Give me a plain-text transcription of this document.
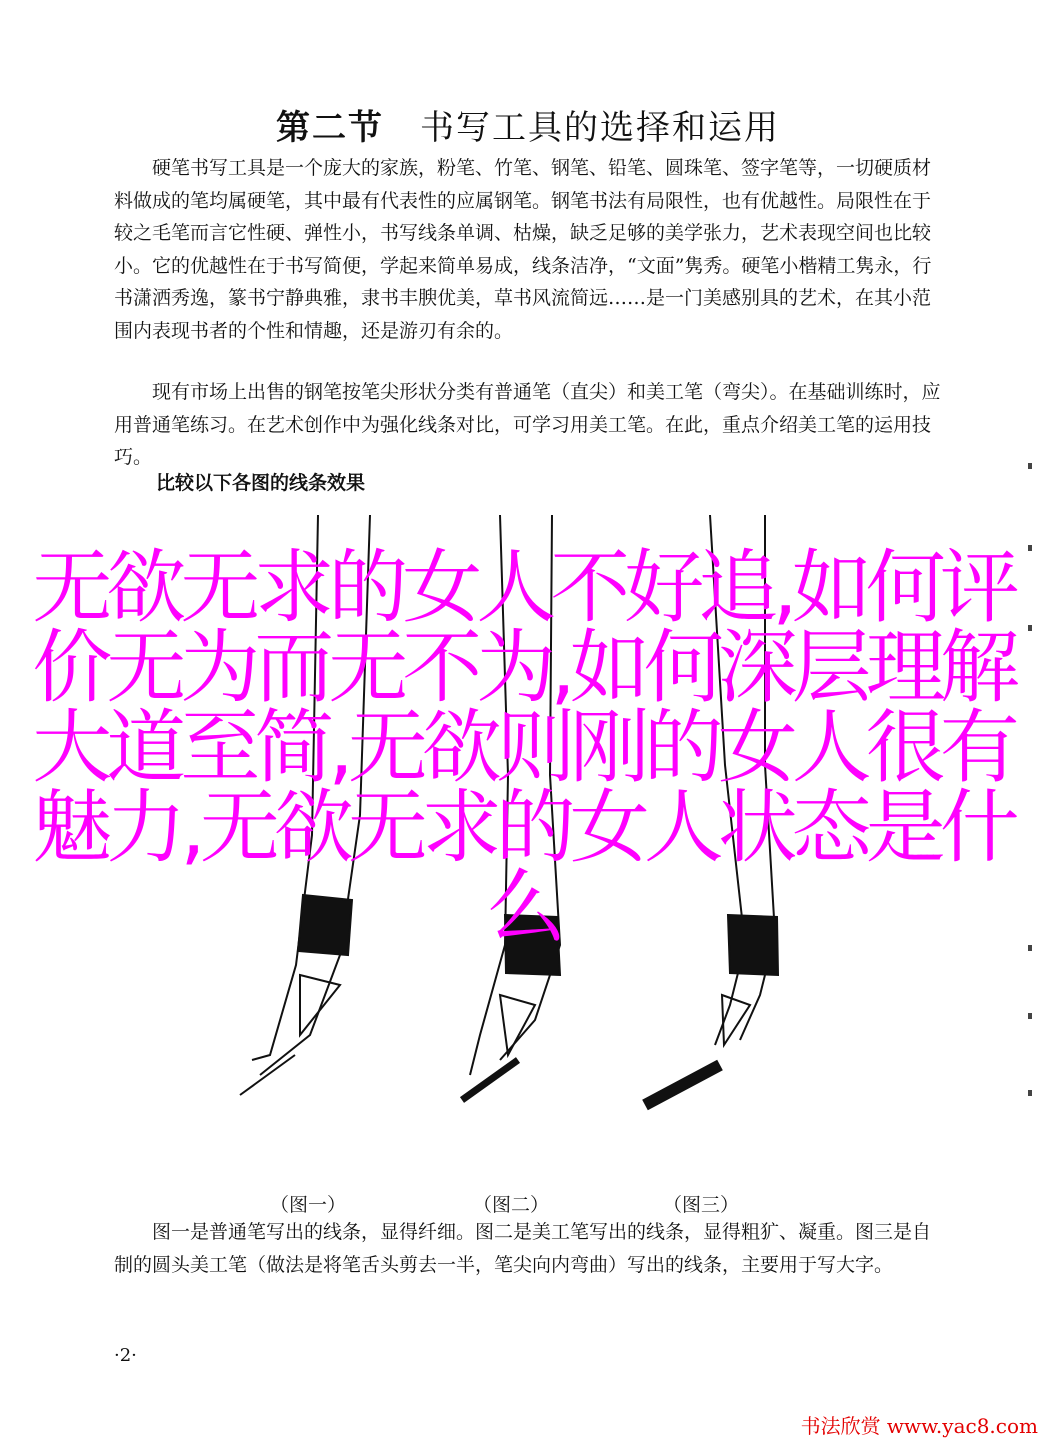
第二节 书写工具的选择和运用

硬笔书写工具是一个庞大的家族，粉笔、竹笔、钢笔、铅笔、圆珠笔、签字笔等，一切硬质材料做成的笔均属硬笔，其中最有代表性的应属钢笔。钢笔书法有局限性，也有优越性。局限性在于较之毛笔而言它性硬、弹性小，书写线条单调、枯燥，缺乏足够的美学张力，艺术表现空间也比较小。它的优越性在于书写简便，学起来简单易成，线条洁净，“文面”隽秀。硬笔小楷精工隽永，行书潇洒秀逸，篆书宁静典雅，隶书丰腴优美，草书风流简远……是一门美感别具的艺术，在其小范围内表现书者的个性和情趣，还是游刃有余的。

现有市场上出售的钢笔按笔尖形状分类有普通笔（直尖）和美工笔（弯尖）。在基础训练时，应用普通笔练习。在艺术创作中为强化线条对比，可学习用美工笔。在此，重点介绍美工笔的运用技巧。

比较以下各图的线条效果
（图一）	（图二）	（图三）

图一是普通笔写出的线条，显得纤细。图二是美工笔写出的线条，显得粗犷、凝重。图三是自制的圆头美工笔（做法是将笔舌头剪去一半，笔尖向内弯曲）写出的线条，主要用于写大字。

·2·

无欲无求的女人不好追,如何评价无为而无不为,如何深层理解大道至简,无欲则刚的女人很有魅力,无欲无求的女人状态是什么

书法欣赏 www.yac8.com
